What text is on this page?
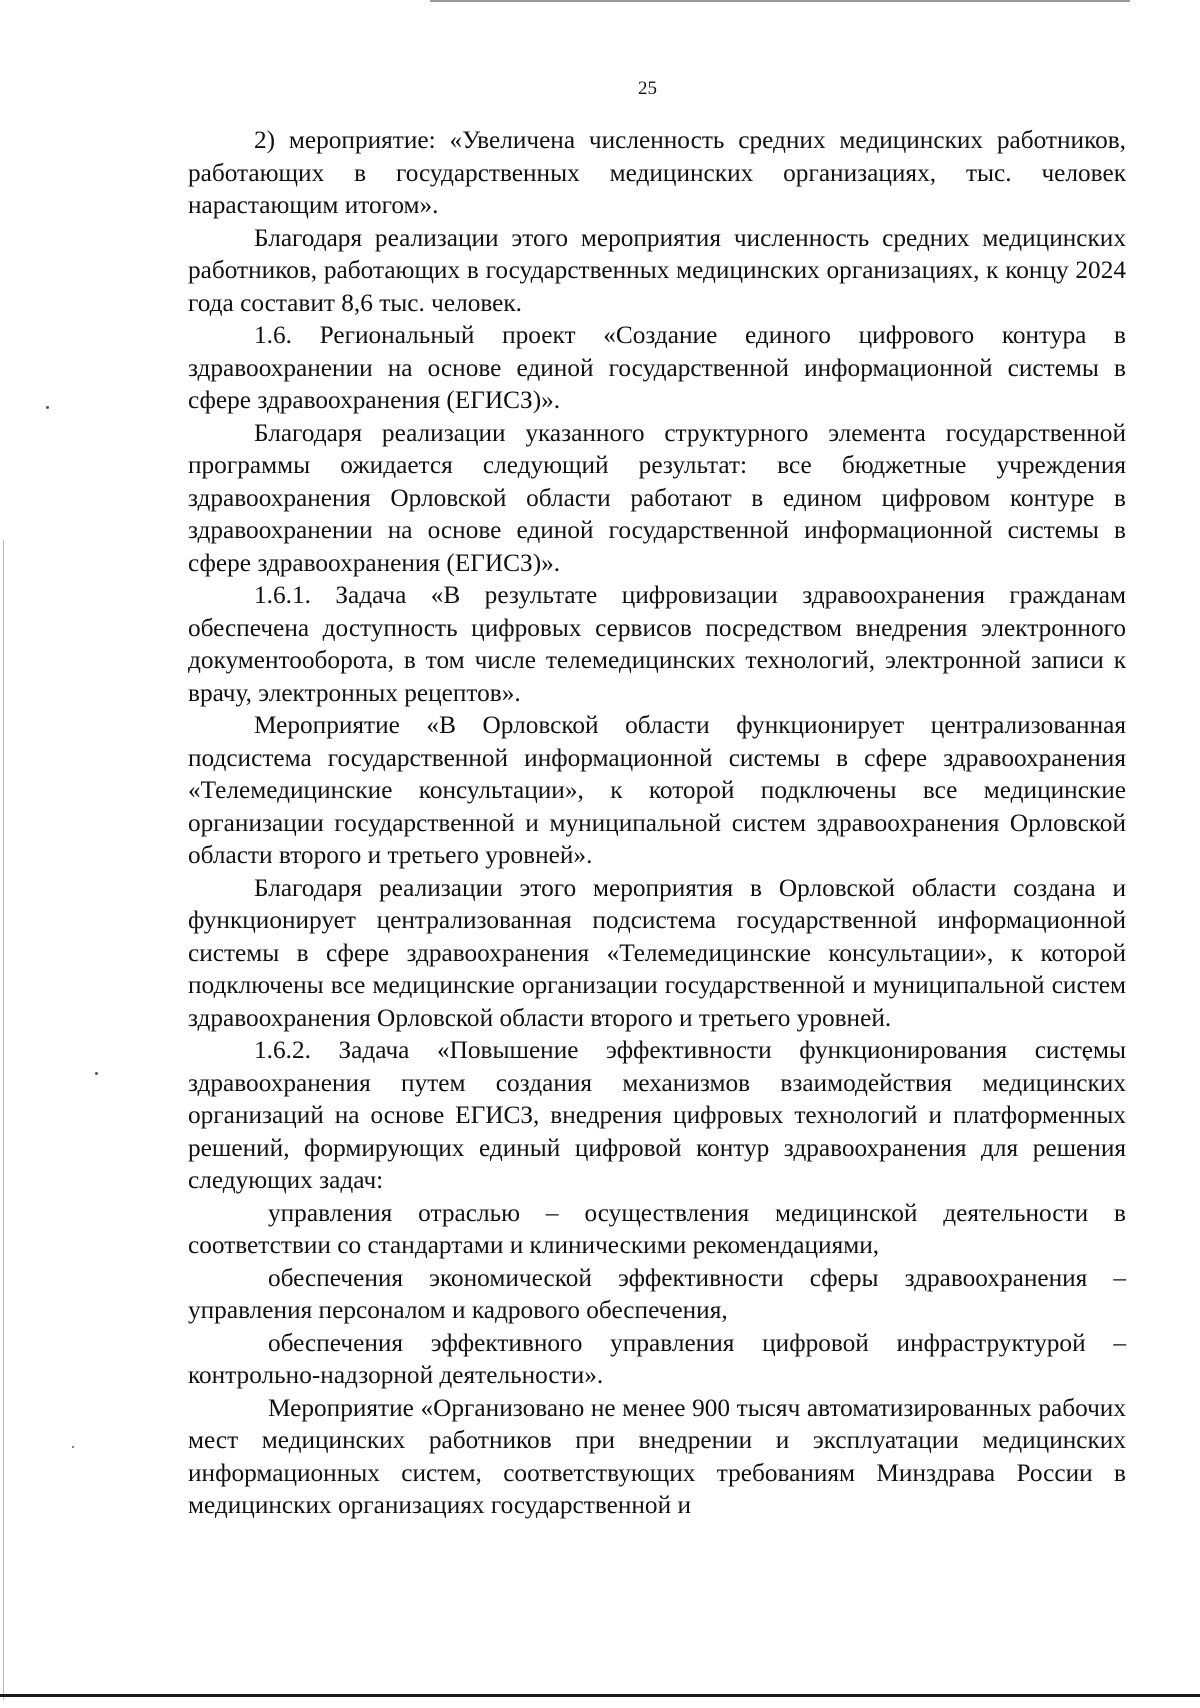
25

2) мероприятие: «Увеличена численность средних медицинских работников, работающих в государственных медицинских организациях, тыс. человек нарастающим итогом».

Благодаря реализации этого мероприятия численность средних медицинских работников, работающих в государственных медицинских организациях, к концу 2024 года составит 8,6 тыс. человек.

1.6. Региональный проект «Создание единого цифрового контура в здравоохранении на основе единой государственной информационной системы в сфере здравоохранения (ЕГИСЗ)».

Благодаря реализации указанного структурного элемента государственной программы ожидается следующий результат: все бюджетные учреждения здравоохранения Орловской области работают в едином цифровом контуре в здравоохранении на основе единой государственной информационной системы в сфере здравоохранения (ЕГИСЗ)».

1.6.1. Задача «В результате цифровизации здравоохранения гражданам обеспечена доступность цифровых сервисов посредством внедрения электронного документооборота, в том числе телемедицинских технологий, электронной записи к врачу, электронных рецептов».

Мероприятие «В Орловской области функционирует централизованная подсистема государственной информационной системы в сфере здравоохранения «Телемедицинские консультации», к которой подключены все медицинские организации государственной и муниципальной систем здравоохранения Орловской области второго и третьего уровней».

Благодаря реализации этого мероприятия в Орловской области создана и функционирует централизованная подсистема государственной информационной системы в сфере здравоохранения «Телемедицинские консультации», к которой подключены все медицинские организации государственной и муниципальной систем здравоохранения Орловской области второго и третьего уровней.

1.6.2. Задача «Повышение эффективности функционирования системы здравоохранения путем создания механизмов взаимодействия медицинских организаций на основе ЕГИСЗ, внедрения цифровых технологий и платформенных решений, формирующих единый цифровой контур здравоохранения для решения следующих задач:

управления отраслью – осуществления медицинской деятельности в соответствии со стандартами и клиническими рекомендациями,

обеспечения экономической эффективности сферы здравоохранения – управления персоналом и кадрового обеспечения,

обеспечения эффективного управления цифровой инфраструктурой – контрольно-надзорной деятельности».

Мероприятие «Организовано не менее 900 тысяч автоматизированных рабочих мест медицинских работников при внедрении и эксплуатации медицинских информационных систем, соответствующих требованиям Минздрава России в медицинских организациях государственной и
